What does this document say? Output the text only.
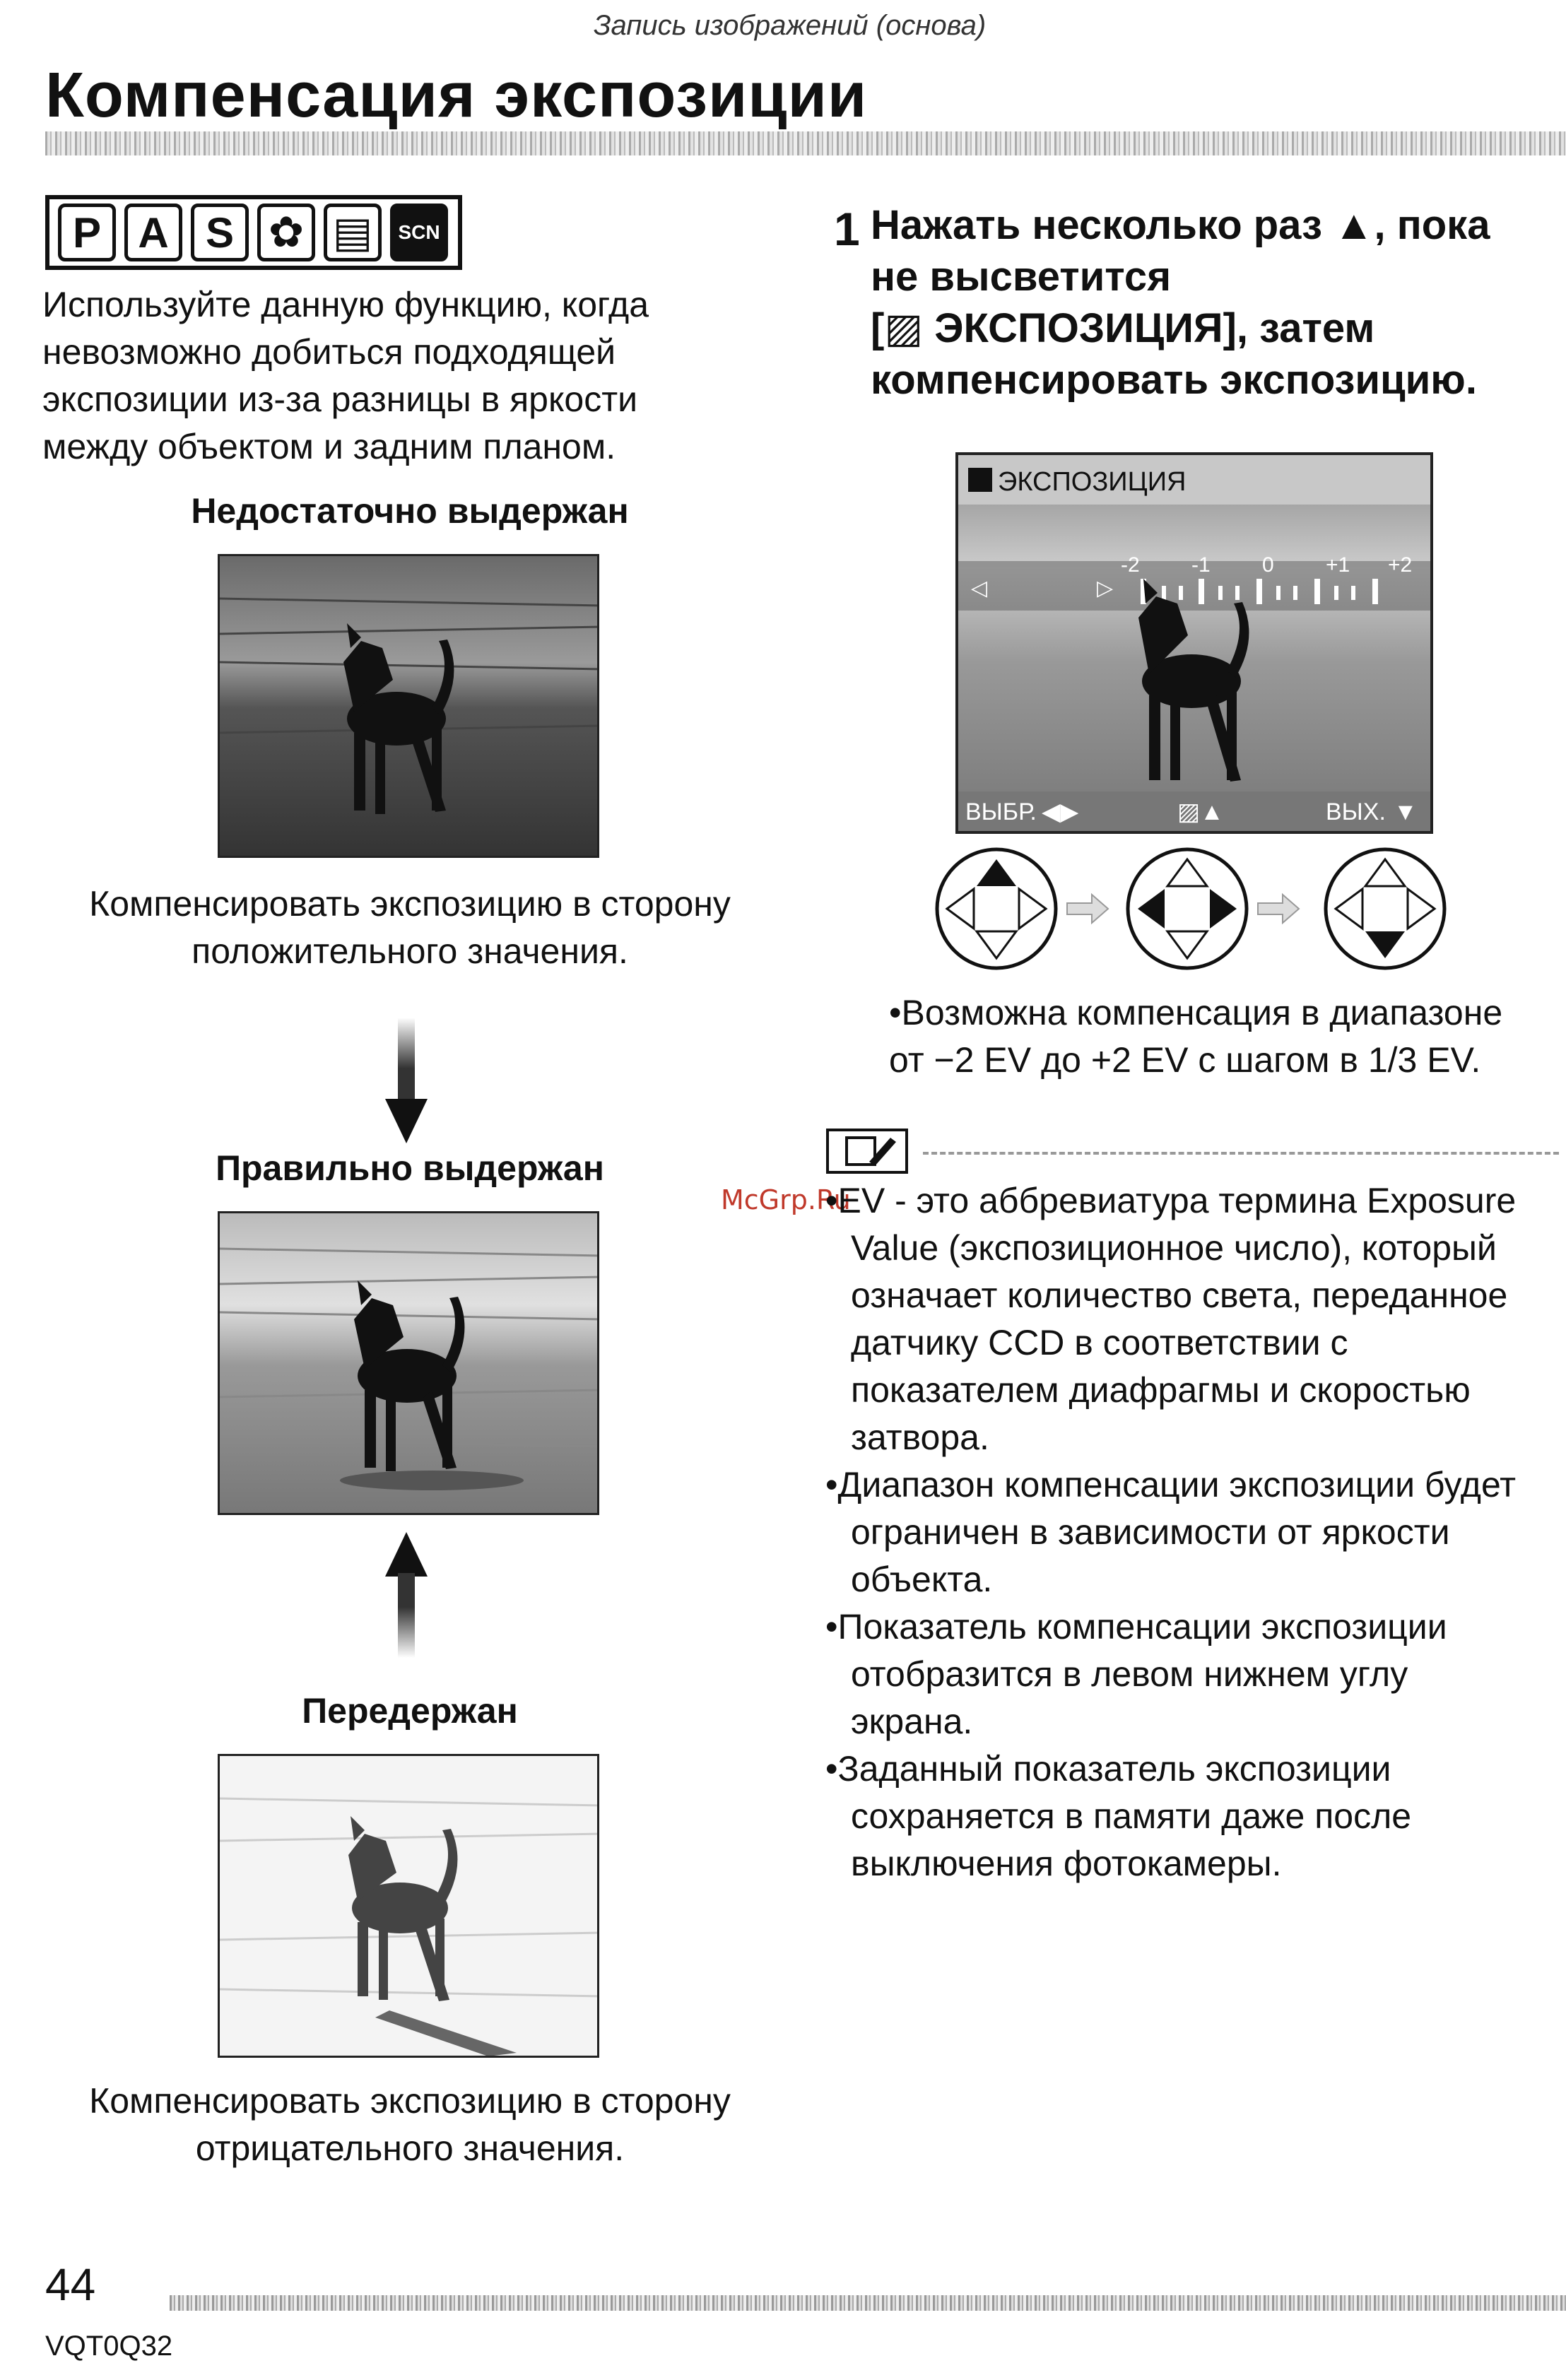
Запись изображений (основа)
Компенсация экспозиции
P A S ✿ ▤	SCN
Используйте данную функцию, когда невозможно добиться подходящей экспозиции из-за разницы в яркости между объектом и задним планом.
Недостаточно выдержан
Компенсировать экспозицию в сторону
положительного значения.
Правильно выдержан
Передержан
Компенсировать экспозицию в сторону
отрицательного значения.
1 Нажать несколько раз ▲, пока
не высветится
[▨ ЭКСПОЗИЦИЯ], затем
компенсировать экспозицию.
ЭКСПОЗИЦИЯ
◁	▷
-2 -1 0 +1 +2
ВЫБР. ◀▶	▨▲	ВЫХ. ▼
•Возможна компенсация в диапазоне
от −2 EV до +2 EV с шагом в 1/3 EV.
McGrp.Ru

•EV - это аббревиатура термина Exposure Value (экспозиционное число), который означает количество света, переданное датчику CCD в соответствии с показателем диафрагмы и скоростью затвора.

•Диапазон компенсации экспозиции будет ограничен в зависимости от яркости объекта.

•Показатель компенсации экспозиции отобразится в левом нижнем углу экрана.

•Заданный показатель экспозиции сохраняется в памяти даже после выключения фотокамеры.

44
VQT0Q32
